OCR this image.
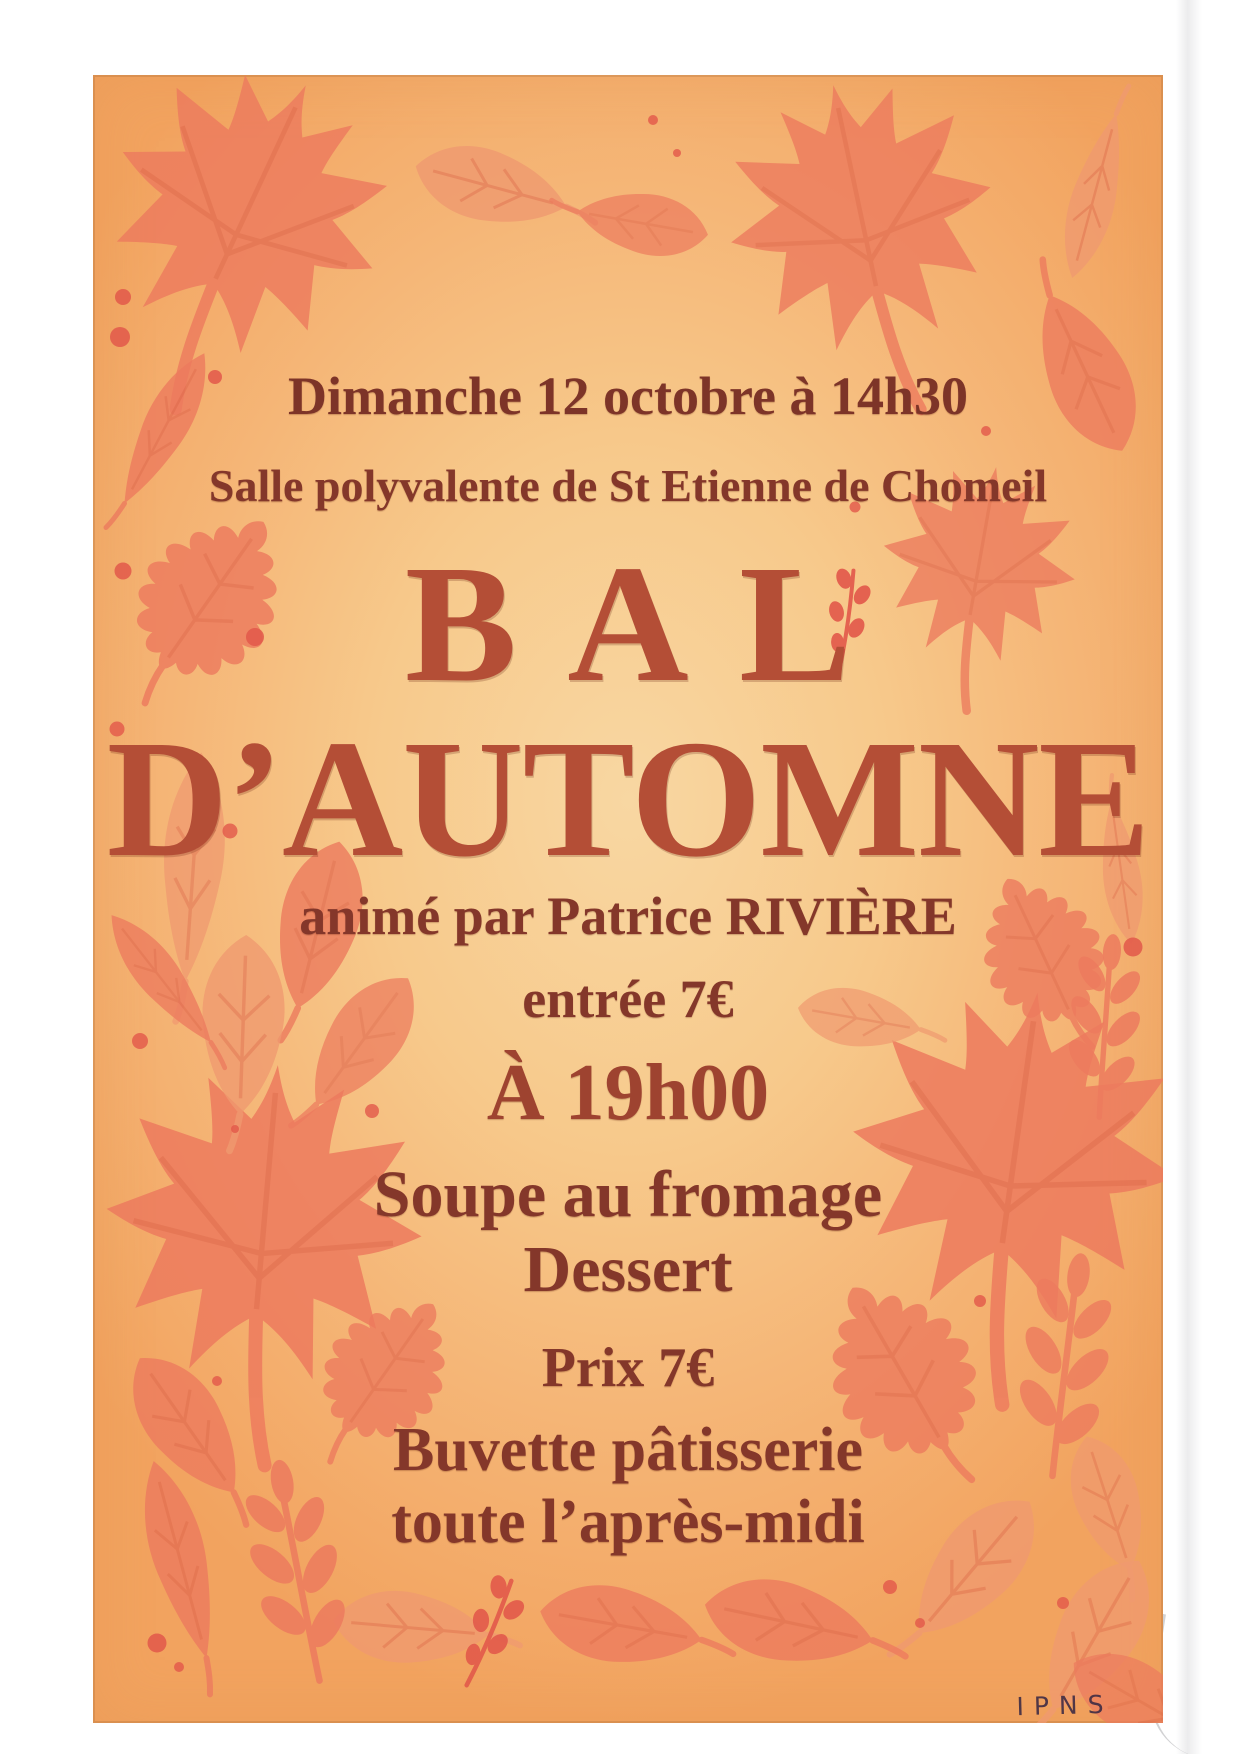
Dimanche 12 octobre à 14h30
Salle polyvalente de St Etienne de Chomeil
BAL
D’AUTOMNE
animé par Patrice RIVIÈRE
entrée 7€
À 19h00
Soupe au fromage
Dessert
Prix 7€
Buvette pâtisserie
toute l’après-midi
IPNS
